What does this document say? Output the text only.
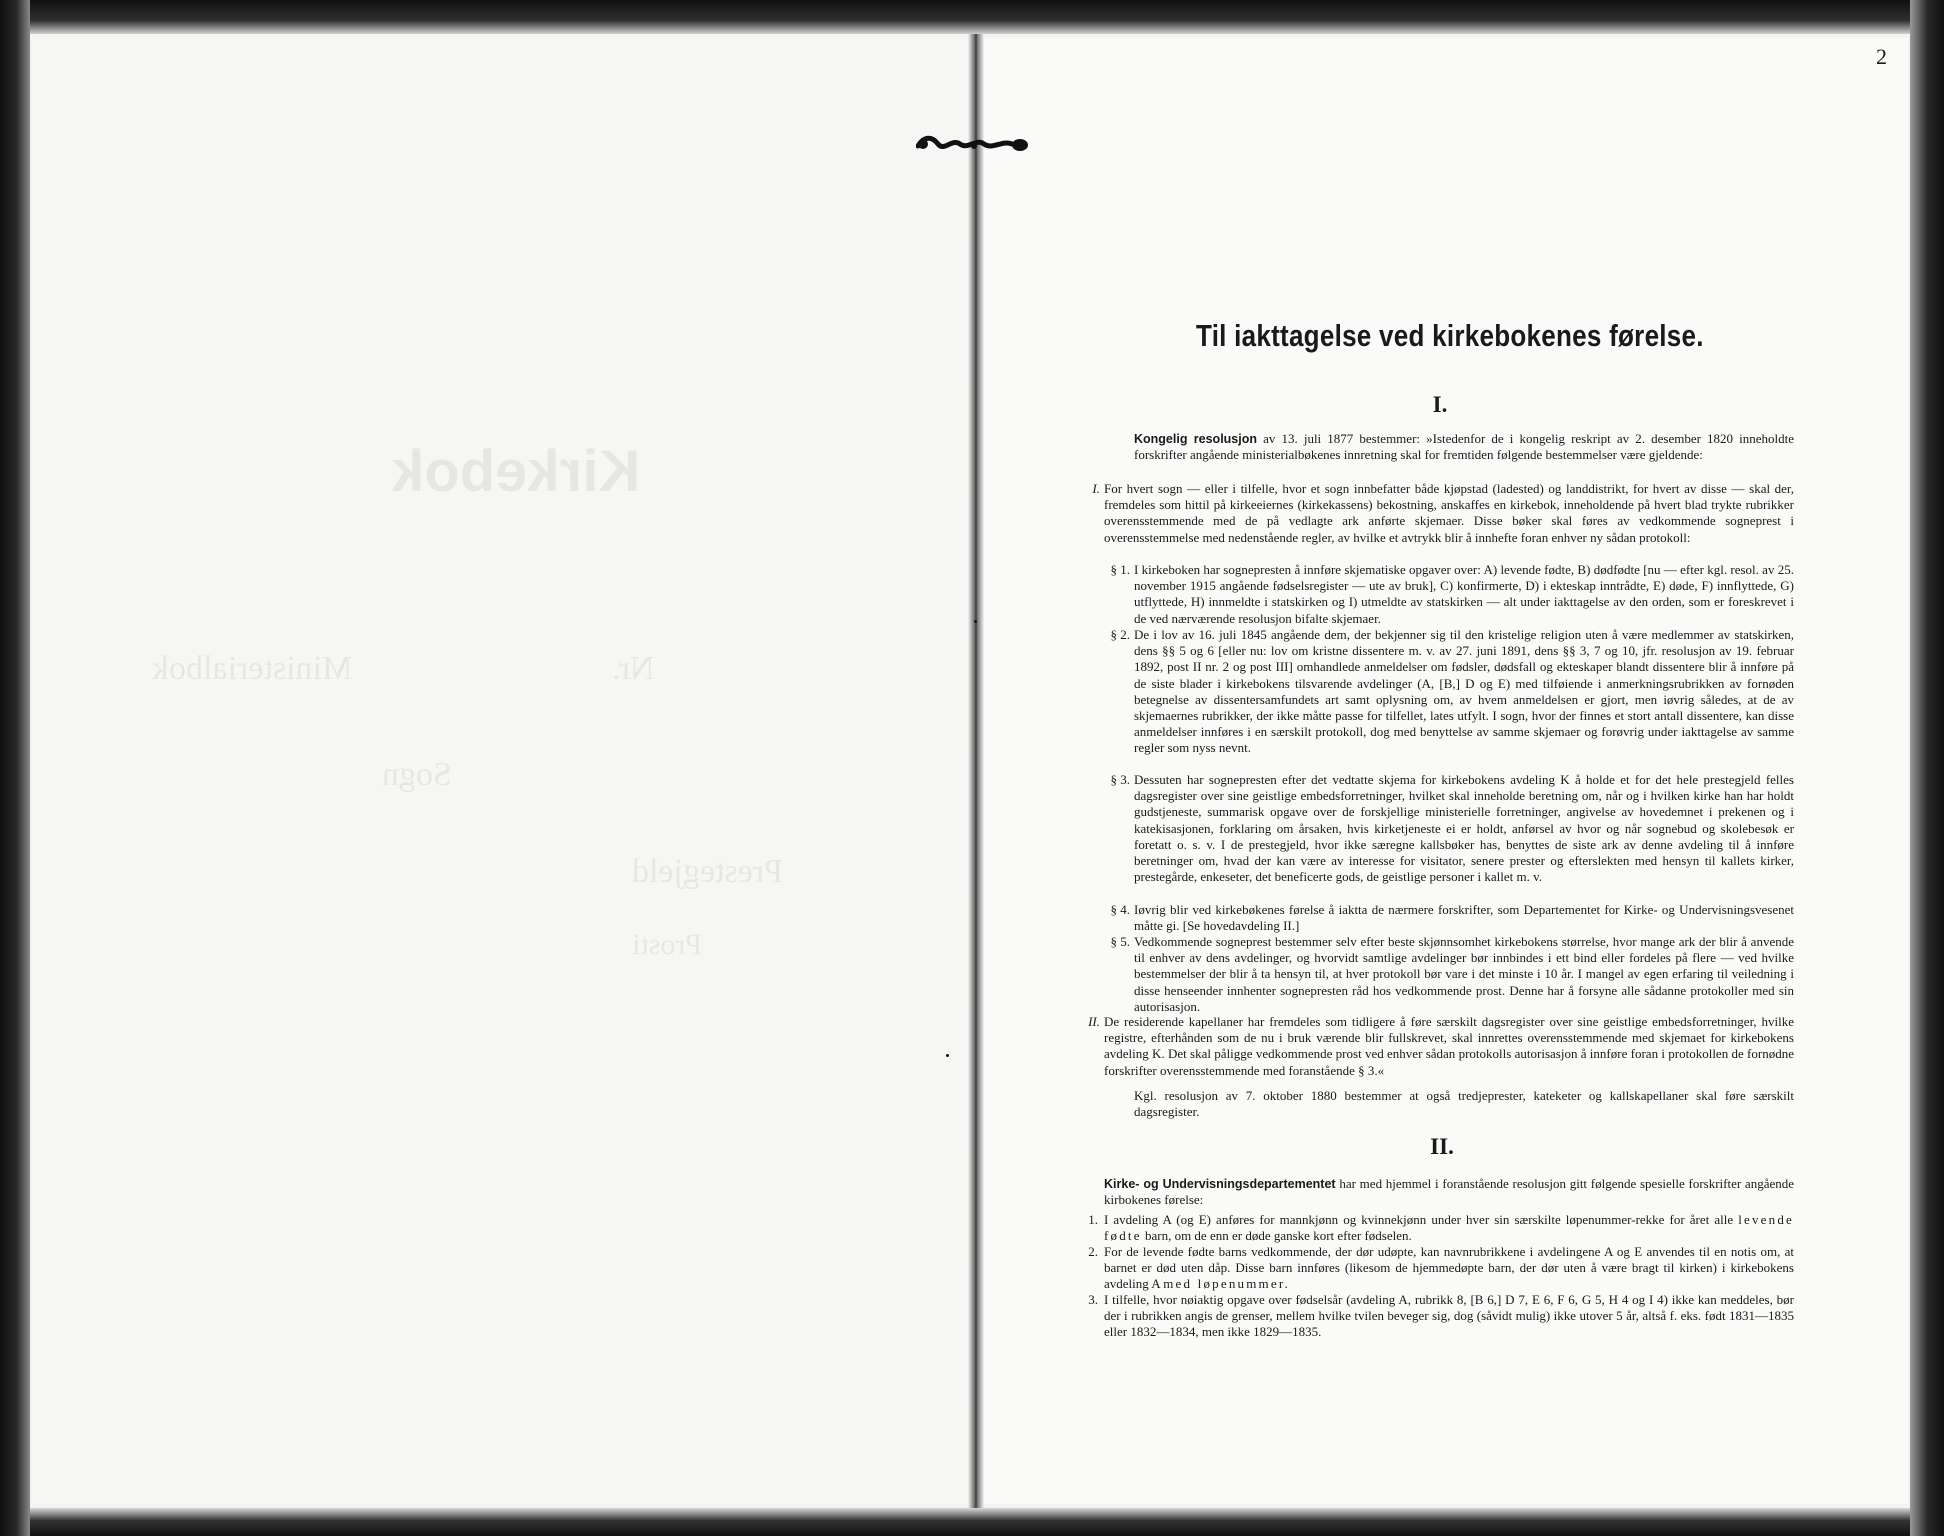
Kirkebok
Ministerialbok	Nr.
Sogn
Prestegjeld
Prosti
2
Til iakttagelse ved kirkebokenes førelse.
I.
Kongelig resolusjon av 13. juli 1877 bestemmer: »Istedenfor de i kongelig reskript av 2. desember 1820 inneholdte forskrifter angående ministerialbøkenes innretning skal for fremtiden følgende bestemmelser være gjeldende:
I. For hvert sogn — eller i tilfelle, hvor et sogn innbefatter både kjøpstad (ladested) og landdistrikt, for hvert av disse — skal der, fremdeles som hittil på kirkeeiernes (kirkekassens) bekostning, anskaffes en kirkebok, inneholdende på hvert blad trykte rubrikker overensstemmende med de på vedlagte ark anførte skjemaer. Disse bøker skal føres av vedkommende sogneprest i overensstemmelse med nedenstående regler, av hvilke et avtrykk blir å innhefte foran enhver ny sådan protokoll:
§ 1. I kirkeboken har sognepresten å innføre skjematiske opgaver over: A) levende fødte, B) dødfødte [nu — efter kgl. resol. av 25. november 1915 angående fødselsregister — ute av bruk], C) konfirmerte, D) i ekteskap inntrådte, E) døde, F) innflyttede, G) utflyttede, H) innmeldte i statskirken og I) utmeldte av statskirken — alt under iakttagelse av den orden, som er foreskrevet i de ved nærværende resolusjon bifalte skjemaer.
§ 2. De i lov av 16. juli 1845 angående dem, der bekjenner sig til den kristelige religion uten å være medlemmer av statskirken, dens §§ 5 og 6 [eller nu: lov om kristne dissentere m. v. av 27. juni 1891, dens §§ 3, 7 og 10, jfr. resolusjon av 19. februar 1892, post II nr. 2 og post III] omhandlede anmeldelser om fødsler, dødsfall og ekteskaper blandt dissentere blir å innføre på de siste blader i kirkebokens tilsvarende avdelinger (A, [B,] D og E) med tilføiende i anmerkningsrubrikken av fornøden betegnelse av dissentersamfundets art samt oplysning om, av hvem anmeldelsen er gjort, men iøvrig således, at de av skjemaernes rubrikker, der ikke måtte passe for tilfellet, lates utfylt. I sogn, hvor der finnes et stort antall dissentere, kan disse anmeldelser innføres i en særskilt protokoll, dog med benyttelse av samme skjemaer og forøvrig under iakttagelse av samme regler som nyss nevnt.
§ 3. Dessuten har sognepresten efter det vedtatte skjema for kirkebokens avdeling K å holde et for det hele prestegjeld felles dagsregister over sine geistlige embedsforretninger, hvilket skal inneholde beretning om, når og i hvilken kirke han har holdt gudstjeneste, summarisk opgave over de forskjellige ministerielle forretninger, angivelse av hovedemnet i prekenen og i katekisasjonen, forklaring om årsaken, hvis kirketjeneste ei er holdt, anførsel av hvor og når sognebud og skolebesøk er foretatt o. s. v. I de prestegjeld, hvor ikke særegne kallsbøker has, benyttes de siste ark av denne avdeling til å innføre beretninger om, hvad der kan være av interesse for visitator, senere prester og efterslekten med hensyn til kallets kirker, prestegårde, enkeseter, det beneficerte gods, de geistlige personer i kallet m. v.
§ 4. Iøvrig blir ved kirkebøkenes førelse å iaktta de nærmere forskrifter, som Departementet for Kirke- og Undervisningsvesenet måtte gi. [Se hovedavdeling II.]
§ 5. Vedkommende sogneprest bestemmer selv efter beste skjønnsomhet kirkebokens størrelse, hvor mange ark der blir å anvende til enhver av dens avdelinger, og hvorvidt samtlige avdelinger bør innbindes i ett bind eller fordeles på flere — ved hvilke bestemmelser der blir å ta hensyn til, at hver protokoll bør vare i det minste i 10 år. I mangel av egen erfaring til veiledning i disse henseender innhenter sognepresten råd hos vedkommende prost. Denne har å forsyne alle sådanne protokoller med sin autorisasjon.
II. De residerende kapellaner har fremdeles som tidligere å føre særskilt dagsregister over sine geistlige embedsforretninger, hvilke registre, efterhånden som de nu i bruk værende blir fullskrevet, skal innrettes overensstemmende med skjemaet for kirkebokens avdeling K. Det skal påligge vedkommende prost ved enhver sådan protokolls autorisasjon å innføre foran i protokollen de fornødne forskrifter overensstemmende med foranstående § 3.«
Kgl. resolusjon av 7. oktober 1880 bestemmer at også tredjeprester, kateketer og kallskapellaner skal føre særskilt dagsregister.
II.
Kirke- og Undervisningsdepartementet har med hjemmel i foranstående resolusjon gitt følgende spesielle forskrifter angående kirbokenes førelse:
1. I avdeling A (og E) anføres for mannkjønn og kvinnekjønn under hver sin særskilte løpenummer-rekke for året alle levende fødte barn, om de enn er døde ganske kort efter fødselen.
2. For de levende fødte barns vedkommende, der dør udøpte, kan navnrubrikkene i avdelingene A og E anvendes til en notis om, at barnet er død uten dåp. Disse barn innføres (likesom de hjemmedøpte barn, der dør uten å være bragt til kirken) i kirkebokens avdeling A med løpenummer.
3. I tilfelle, hvor nøiaktig opgave over fødselsår (avdeling A, rubrikk 8, [B 6,] D 7, E 6, F 6, G 5, H 4 og I 4) ikke kan meddeles, bør der i rubrikken angis de grenser, mellem hvilke tvilen beveger sig, dog (såvidt mulig) ikke utover 5 år, altså f. eks. født 1831—1835 eller 1832—1834, men ikke 1829—1835.
